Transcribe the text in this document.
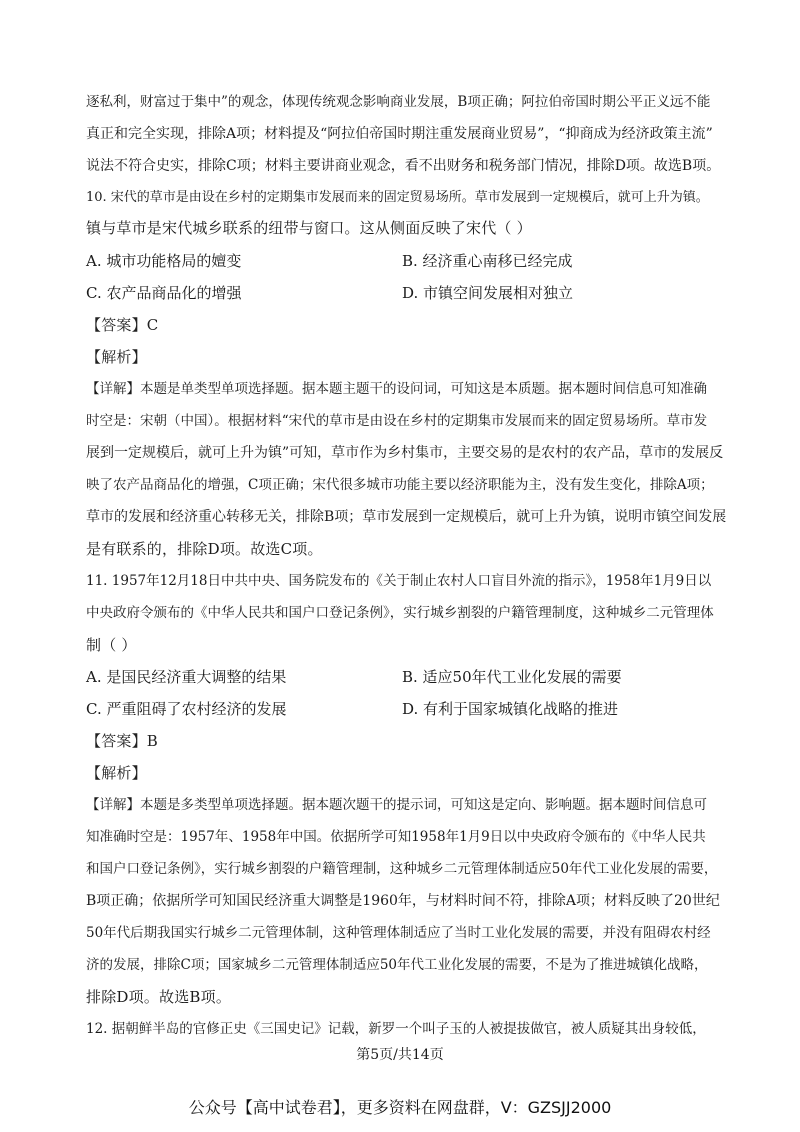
逐私利，财富过于集中”的观念，体现传统观念影响商业发展，B项正确；阿拉伯帝国时期公平正义远不能
真正和完全实现，排除A项；材料提及“阿拉伯帝国时期注重发展商业贸易”，“抑商成为经济政策主流”
说法不符合史实，排除C项；材料主要讲商业观念，看不出财务和税务部门情况，排除D项。故选B项。
10. 宋代的草市是由设在乡村的定期集市发展而来的固定贸易场所。草市发展到一定规模后，就可上升为镇。
镇与草市是宋代城乡联系的纽带与窗口。这从侧面反映了宋代（ ）
A. 城市功能格局的嬗变	B. 经济重心南移已经完成
C. 农产品商品化的增强	D. 市镇空间发展相对独立
【答案】C
【解析】
【详解】本题是单类型单项选择题。据本题主题干的设问词，可知这是本质题。据本题时间信息可知准确
时空是：宋朝（中国）。根据材料“宋代的草市是由设在乡村的定期集市发展而来的固定贸易场所。草市发
展到一定规模后，就可上升为镇”可知，草市作为乡村集市，主要交易的是农村的农产品，草市的发展反
映了农产品商品化的增强，C项正确；宋代很多城市功能主要以经济职能为主，没有发生变化，排除A项；
草市的发展和经济重心转移无关，排除B项；草市发展到一定规模后，就可上升为镇，说明市镇空间发展
是有联系的，排除D项。故选C项。
11. 1957年12月18日中共中央、国务院发布的《关于制止农村人口盲目外流的指示》，1958年1月9日以
中央政府令颁布的《中华人民共和国户口登记条例》，实行城乡割裂的户籍管理制度，这种城乡二元管理体
制（ ）
A. 是国民经济重大调整的结果	B. 适应50年代工业化发展的需要
C. 严重阻碍了农村经济的发展	D. 有利于国家城镇化战略的推进
【答案】B
【解析】
【详解】本题是多类型单项选择题。据本题次题干的提示词，可知这是定向、影响题。据本题时间信息可
知准确时空是：1957年、1958年中国。依据所学可知1958年1月9日以中央政府令颁布的《中华人民共
和国户口登记条例》，实行城乡割裂的户籍管理制，这种城乡二元管理体制适应50年代工业化发展的需要，
B项正确；依据所学可知国民经济重大调整是1960年，与材料时间不符，排除A项；材料反映了20世纪
50年代后期我国实行城乡二元管理体制，这种管理体制适应了当时工业化发展的需要，并没有阻碍农村经
济的发展，排除C项；国家城乡二元管理体制适应50年代工业化发展的需要，不是为了推进城镇化战略，
排除D项。故选B项。
12. 据朝鲜半岛的官修正史《三国史记》记载，新罗一个叫子玉的人被提拔做官，被人质疑其出身较低，
第5页/共14页
公众号【高中试卷君】，更多资料在网盘群，V：GZSJJ2000
